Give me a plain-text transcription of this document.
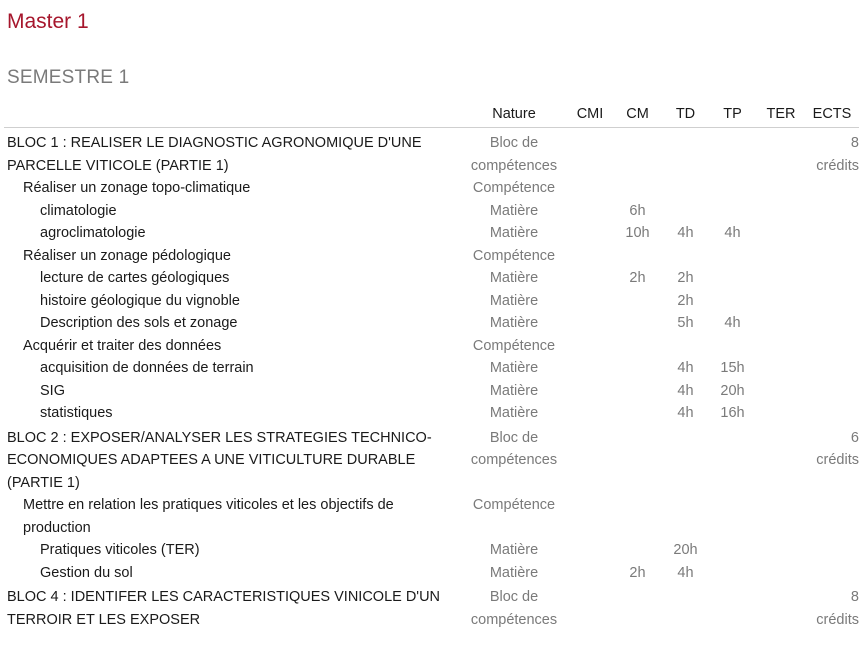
Master 1
SEMESTRE 1
	Nature	CMI	CM	TD	TP	TER	ECTS
BLOC 1 : REALISER LE DIAGNOSTIC AGRONOMIQUE D'UNE PARCELLE VITICOLE (PARTIE 1)	Bloc de compétences						8 crédits
Réaliser un zonage topo-climatique	Compétence						
climatologie	Matière		6h				
agroclimatologie	Matière		10h	4h	4h		
Réaliser un zonage pédologique	Compétence						
lecture de cartes géologiques	Matière		2h	2h			
histoire géologique du vignoble	Matière			2h			
Description des sols et zonage	Matière			5h	4h		
Acquérir et traiter des données	Compétence						
acquisition de données de terrain	Matière			4h	15h		
SIG	Matière			4h	20h		
statistiques	Matière			4h	16h		
BLOC 2 : EXPOSER/ANALYSER LES STRATEGIES TECHNICO-ECONOMIQUES ADAPTEES A UNE VITICULTURE DURABLE (PARTIE 1)	Bloc de compétences						6 crédits
Mettre en relation les pratiques viticoles et les objectifs de production	Compétence						
Pratiques viticoles (TER)	Matière			20h			
Gestion du sol	Matière		2h	4h			
BLOC 4 : IDENTIFER LES CARACTERISTIQUES VINICOLE D'UN TERROIR ET LES EXPOSER	Bloc de compétences						8 crédits
